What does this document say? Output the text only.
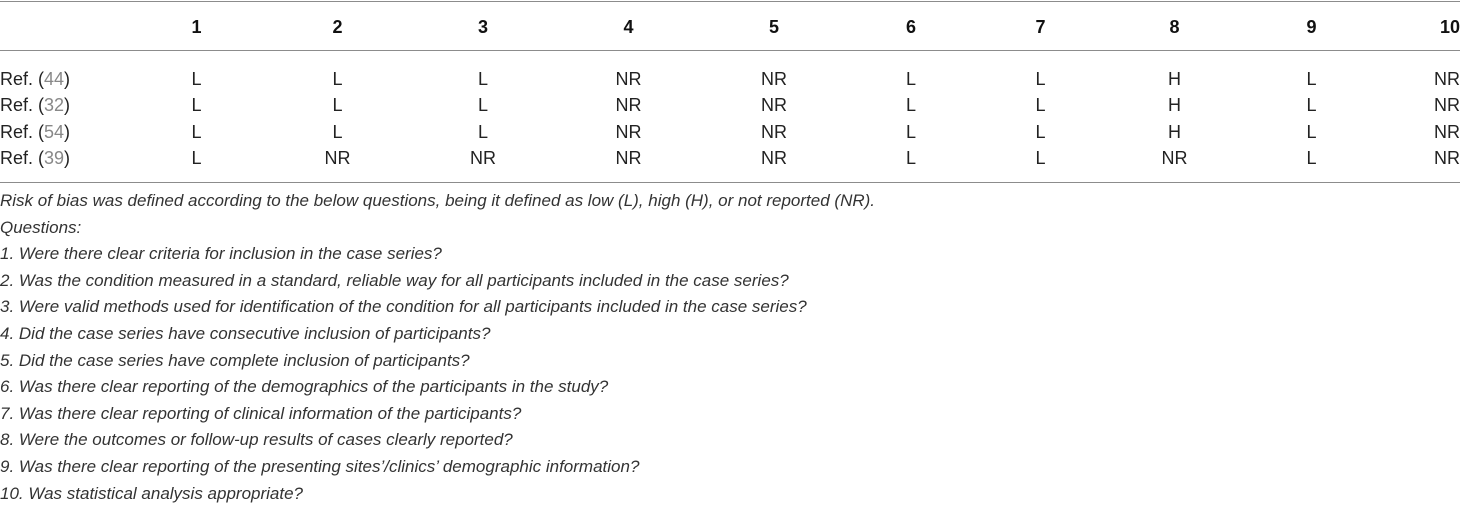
	1	2	3	4	5	6	7	8	9	10
Ref. (44)	L	L	L	NR	NR	L	L	H	L	NR
Ref. (32)	L	L	L	NR	NR	L	L	H	L	NR
Ref. (54)	L	L	L	NR	NR	L	L	H	L	NR
Ref. (39)	L	NR	NR	NR	NR	L	L	NR	L	NR
Risk of bias was defined according to the below questions, being it defined as low (L), high (H), or not reported (NR).
Questions:
1. Were there clear criteria for inclusion in the case series?
2. Was the condition measured in a standard, reliable way for all participants included in the case series?
3. Were valid methods used for identification of the condition for all participants included in the case series?
4. Did the case series have consecutive inclusion of participants?
5. Did the case series have complete inclusion of participants?
6. Was there clear reporting of the demographics of the participants in the study?
7. Was there clear reporting of clinical information of the participants?
8. Were the outcomes or follow-up results of cases clearly reported?
9. Was there clear reporting of the presenting sites’/clinics’ demographic information?
10. Was statistical analysis appropriate?
